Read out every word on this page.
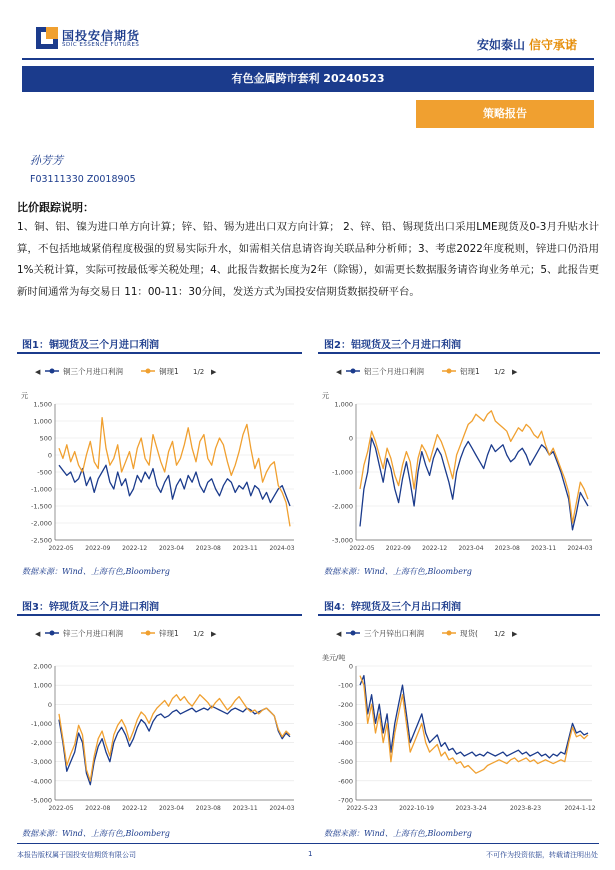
国投安信期货
SDIC ESSENCE FUTURES	安如泰山 信守承诺
有色金属跨市套利 20240523
策略报告
孙芳芳
F03111330 Z0018905
比价跟踪说明：
1、铜、铝、镍为进口单方向计算；锌、铅、锡为进出口双方向计算； 2、锌、铅、锡现货出口采用LME现货及0-3月升贴水计算，不包括地域紧俏程度极强的贸易实际升水，如需相关信息请咨询关联品种分析师；3、考虑2022年度税则，锌进口仍沿用1%关税计算，实际可按最低零关税处理；4、此报告数据长度为2年（除锡），如需更长数据服务请咨询业务单元；5、此报告更新时间通常为每交易日 11：00-11：30分间，发送方式为国投安信期货数据投研平台。
图1：铜现货及三个月进口利润
◀	铜三个月进口利润	铜现1 1/2 ▶
元
1,500
1,000
500
0
-500
-1,000
-1,500
-2,000
-2,500
2022-05 2022-09 2022-12 2023-04 2023-08 2023-11 2024-03
数据来源：Wind、上海有色,Bloomberg
图2：铝现货及三个月进口利润
◀	铝三个月进口利润	铝现1 1/2 ▶
元
1,000
0
-1,000
-2,000
-3,000
2022-05 2022-09 2022-12 2023-04 2023-08 2023-11 2024-03
数据来源：Wind、上海有色,Bloomberg
图3：锌现货及三个月进口利润
◀	锌三个月进口利润	锌现1 1/2 ▶
2,000
1,000
0
-1,000
-2,000
-3,000
-4,000
-5,000
2022-05 2022-08 2022-12 2023-04 2023-08 2023-11 2024-03
数据来源：Wind、上海有色,Bloomberg
图4：锌现货及三个月出口利润
◀	三个月锌出口利润	现货( 1/2 ▶
美元/吨
0
-100
-200
-300
-400
-500
-600
-700
2022-5-23	2022-10-19	2023-3-24	2023-8-23	2024-1-12
数据来源：Wind、上海有色,Bloomberg
本报告版权属于国投安信期货有限公司	1	不可作为投资依据，转载请注明出处
